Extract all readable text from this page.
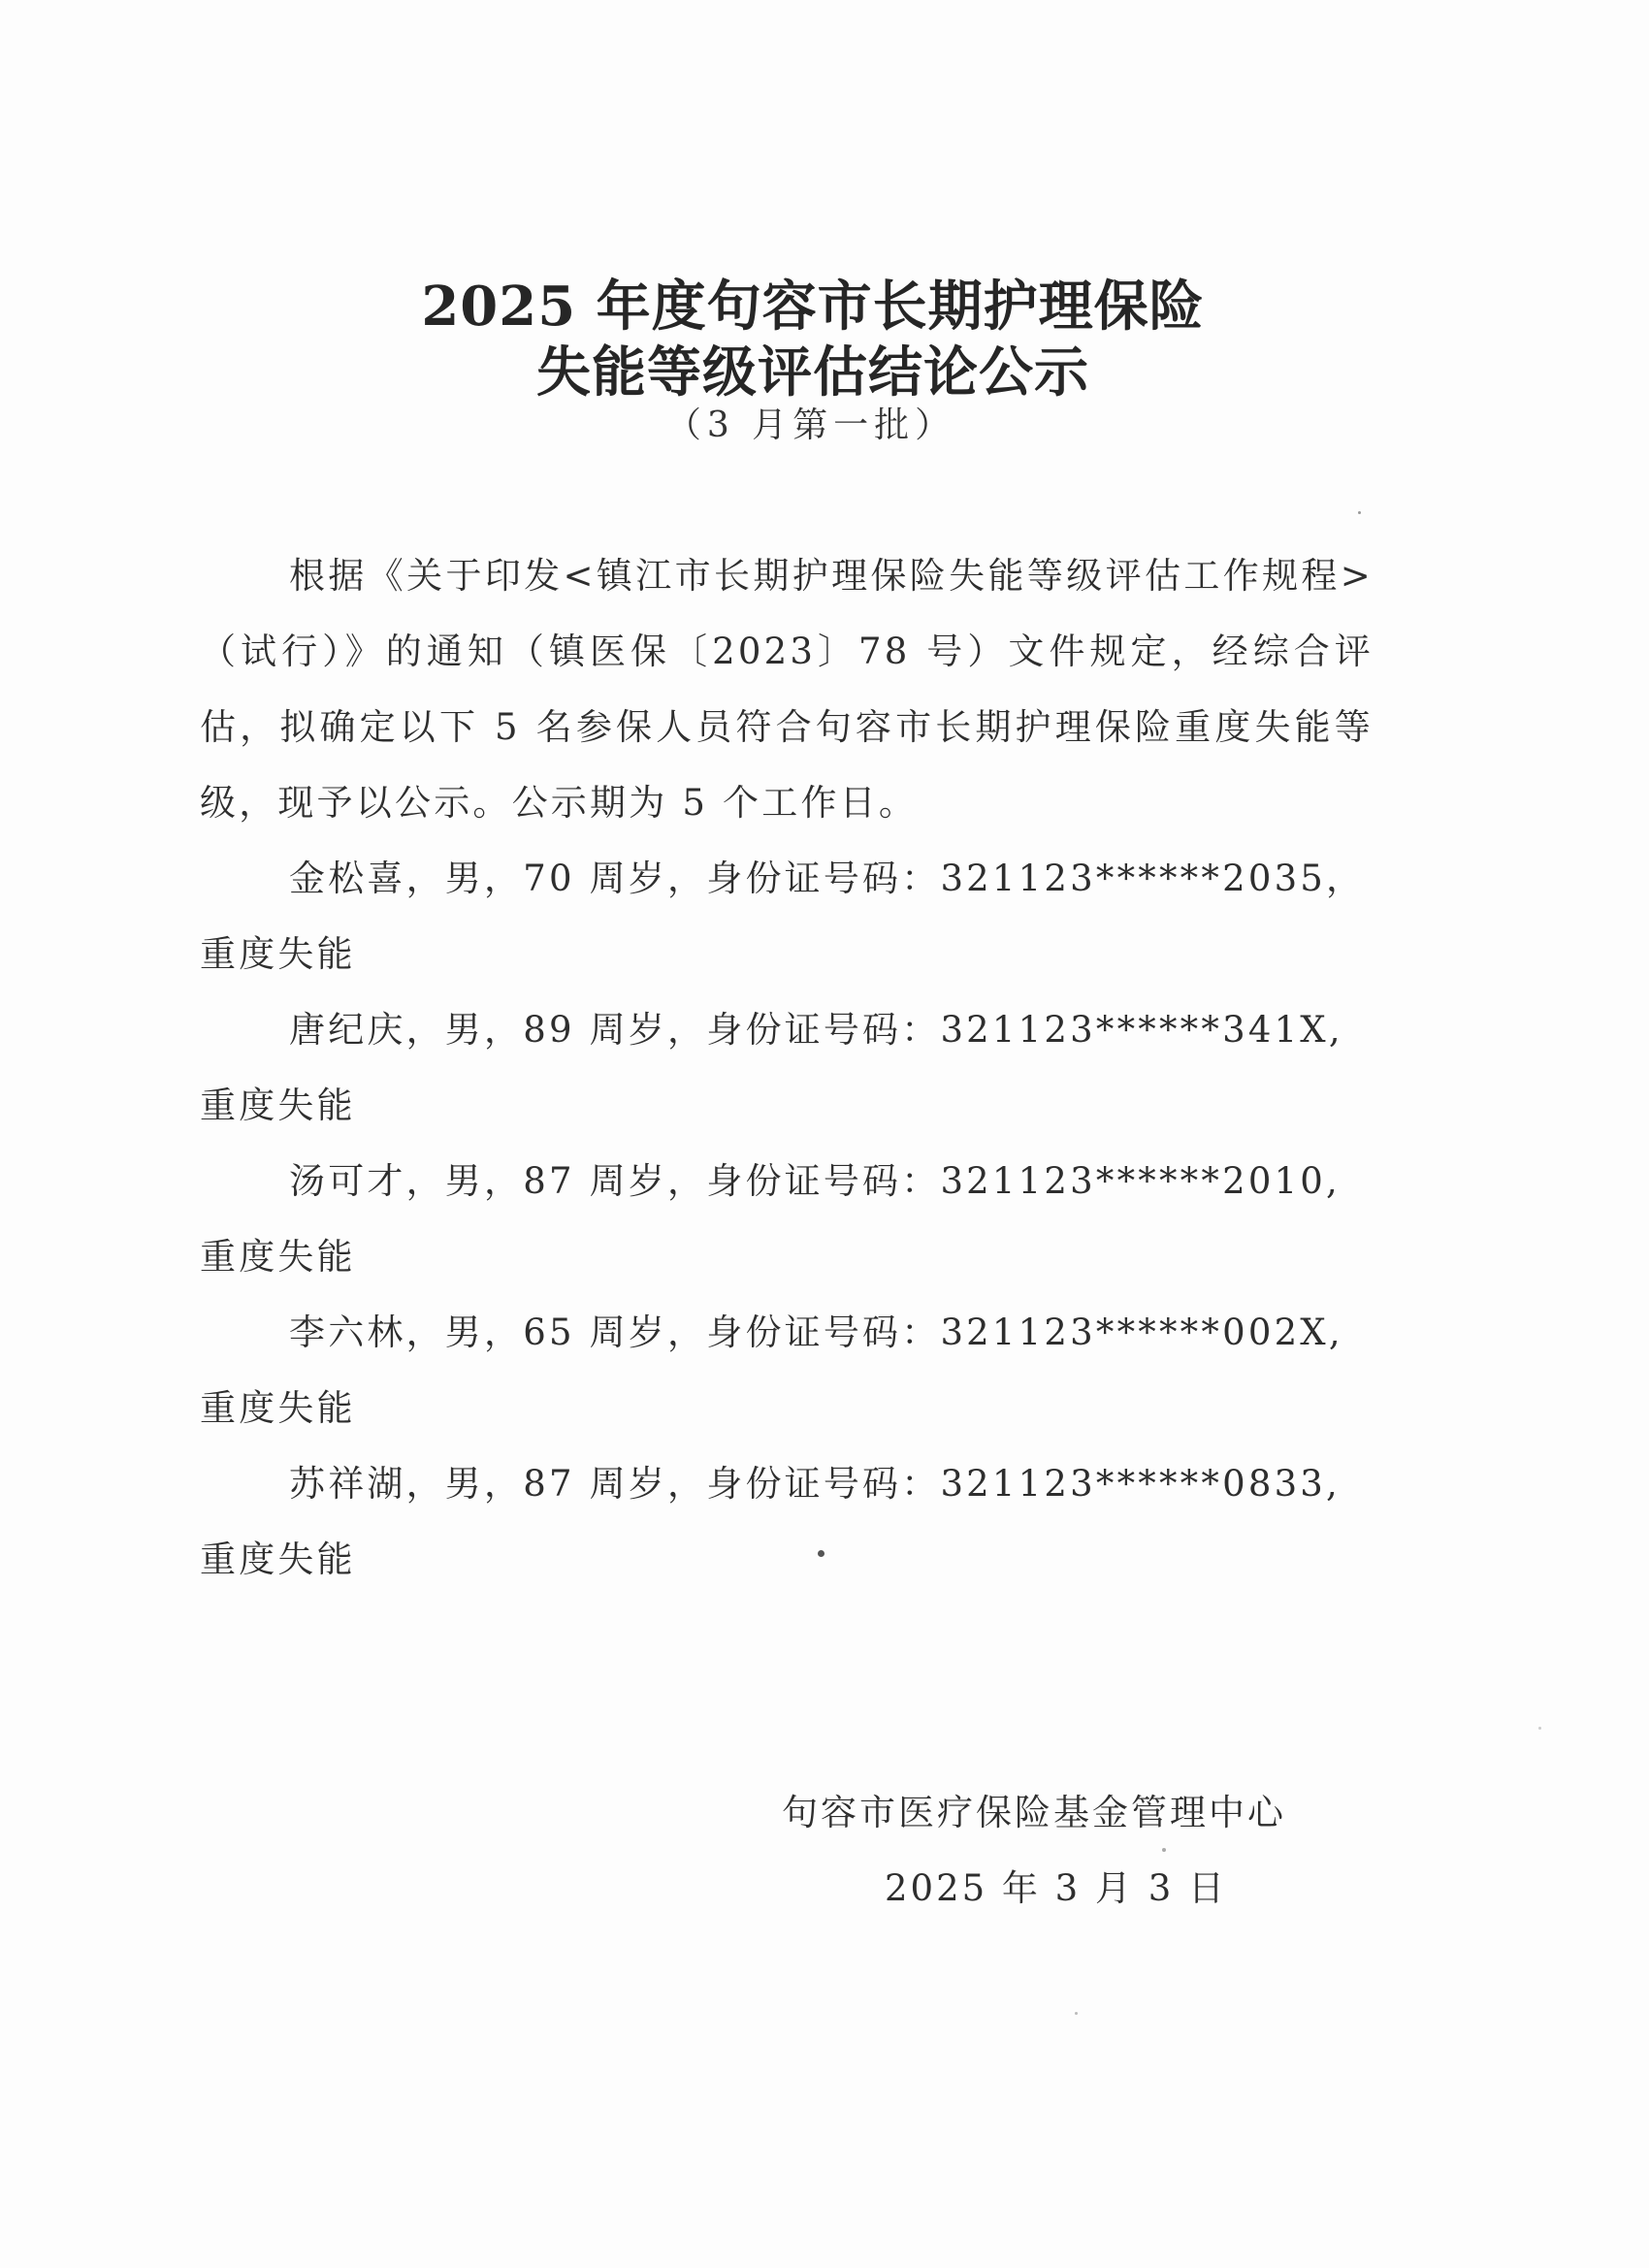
2025 年度句容市长期护理保险
失能等级评估结论公示
（3 月第一批）

根据《关于印发<镇江市长期护理保险失能等级评估工作规程>（试行）》的通知（镇医保〔2023〕78 号）文件规定，经综合评估，拟确定以下 5 名参保人员符合句容市长期护理保险重度失能等级，现予以公示。公示期为 5 个工作日。

金松喜，男，70 周岁，身份证号码：321123******2035，
重度失能
唐纪庆，男，89 周岁，身份证号码：321123******341X,
重度失能
汤可才，男，87 周岁，身份证号码：321123******2010,
重度失能
李六林，男，65 周岁，身份证号码：321123******002X,
重度失能
苏祥湖，男，87 周岁，身份证号码：321123******0833,
重度失能
句容市医疗保险基金管理中心
2025 年 3 月 3 日
